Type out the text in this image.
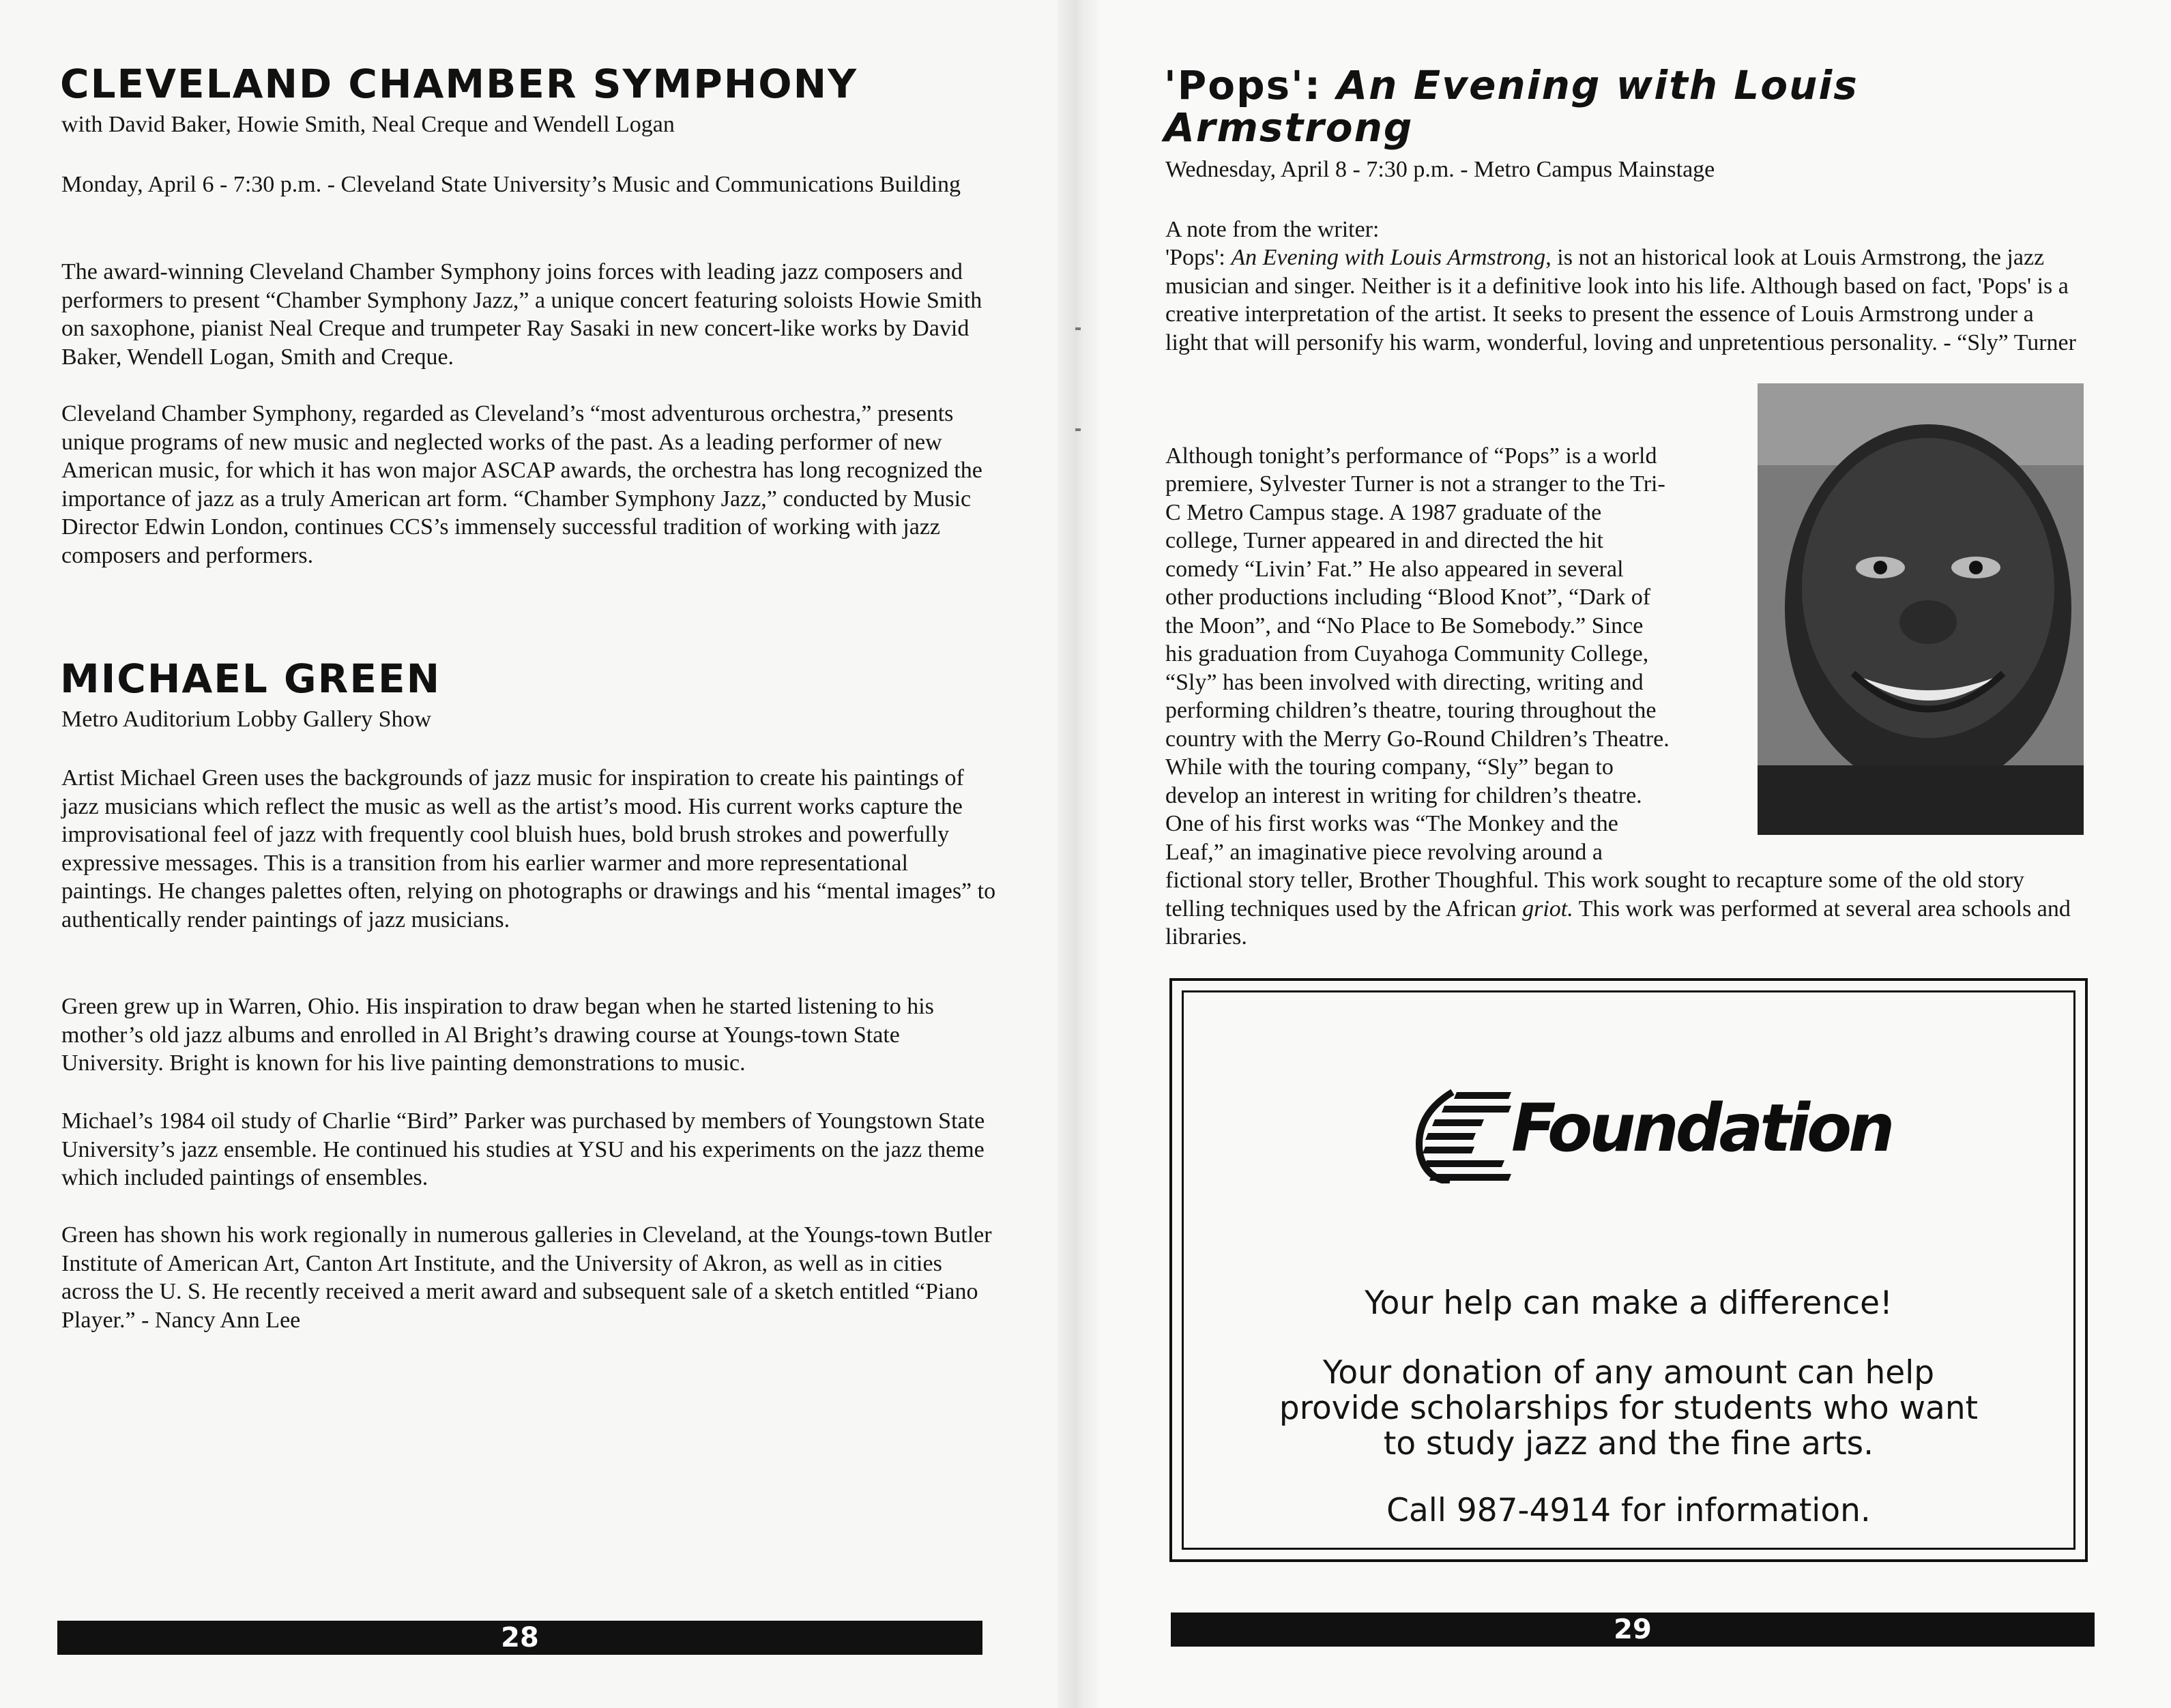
CLEVELAND CHAMBER SYMPHONY

with David Baker, Howie Smith, Neal Creque and Wendell Logan

Monday, April 6 - 7:30 p.m. - Cleveland State University’s Music and Communications Building

The award-winning Cleveland Chamber Symphony joins forces with leading jazz composers and performers to present “Chamber Symphony Jazz,” a unique concert featuring soloists Howie Smith on saxophone, pianist Neal Creque and trumpeter Ray Sasaki in new concert-like works by David Baker, Wendell Logan, Smith and Creque.

Cleveland Chamber Symphony, regarded as Cleveland’s “most adventurous orchestra,” presents unique programs of new music and neglected works of the past. As a leading performer of new American music, for which it has won major ASCAP awards, the orchestra has long recognized the importance of jazz as a truly American art form. “Chamber Symphony Jazz,” conducted by Music Director Edwin London, continues CCS’s immensely successful tradition of working with jazz composers and performers.

MICHAEL GREEN

Metro Auditorium Lobby Gallery Show

Artist Michael Green uses the backgrounds of jazz music for inspiration to create his paintings of jazz musicians which reflect the music as well as the artist’s mood. His current works capture the improvisational feel of jazz with frequently cool bluish hues, bold brush strokes and powerfully expressive messages. This is a transition from his earlier warmer and more representational paintings. He changes palettes often, relying on photographs or drawings and his “mental images” to authentically render paintings of jazz musicians.

Green grew up in Warren, Ohio. His inspiration to draw began when he started listening to his mother’s old jazz albums and enrolled in Al Bright’s drawing course at Youngs-town State University. Bright is known for his live painting demonstrations to music.

Michael’s 1984 oil study of Charlie “Bird” Parker was purchased by members of Youngstown State University’s jazz ensemble. He continued his studies at YSU and his experiments on the jazz theme which included paintings of ensembles.

Green has shown his work regionally in numerous galleries in Cleveland, at the Youngs-town Butler Institute of American Art, Canton Art Institute, and the University of Akron, as well as in cities across the U. S. He recently received a merit award and subsequent sale of a sketch entitled “Piano Player.” - Nancy Ann Lee

28
'Pops': An Evening with Louis Armstrong

Wednesday, April 8 - 7:30 p.m. - Metro Campus Mainstage

A note from the writer:

'Pops': An Evening with Louis Armstrong, is not an historical look at Louis Armstrong, the jazz musician and singer. Neither is it a definitive look into his life. Although based on fact, 'Pops' is a creative interpretation of the artist. It seeks to present the essence of Louis Armstrong under a light that will personify his warm, wonderful, loving and unpretentious personality. - “Sly” Turner

Although tonight’s performance of “Pops” is a world

premiere, Sylvester Turner is not a stranger to the Tri-

C Metro Campus stage. A 1987 graduate of the

college, Turner appeared in and directed the hit

comedy “Livin’ Fat.” He also appeared in several

other productions including “Blood Knot”, “Dark of

the Moon”, and “No Place to Be Somebody.” Since

his graduation from Cuyahoga Community College,

“Sly” has been involved with directing, writing and

performing children’s theatre, touring throughout the

country with the Merry Go-Round Children’s Theatre.

While with the touring company, “Sly” began to

develop an interest in writing for children’s theatre.

One of his first works was “The Monkey and the

Leaf,” an imaginative piece revolving around a

fictional story teller, Brother Thoughful. This work sought to recapture some of the old story telling techniques used by the African griot. This work was performed at several area schools and libraries.

Foundation
Your help can make a difference!
Your donation of any amount can help
provide scholarships for students who want
to study jazz and the fine arts.
Call 987-4914 for information.
29
